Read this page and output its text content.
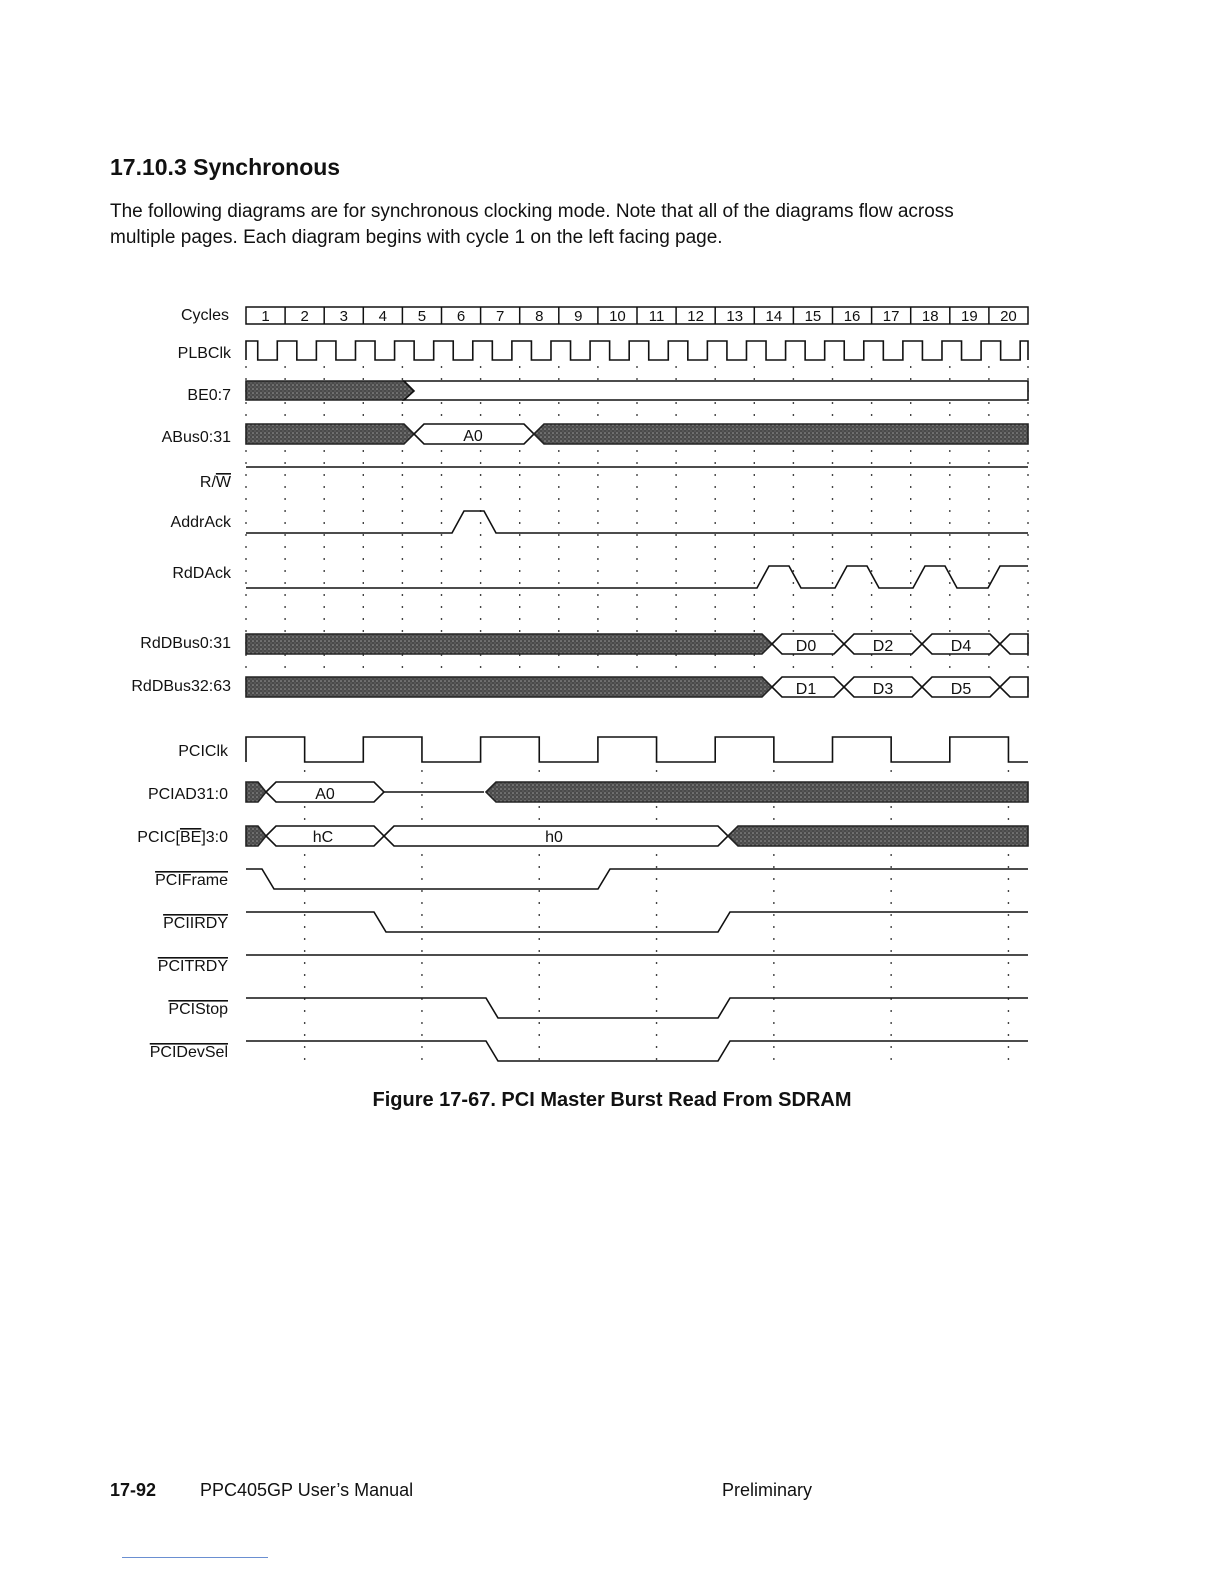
17.10.3 Synchronous

The following diagrams are for synchronous clocking mode. Note that all of the diagrams flow across
multiple pages. Each diagram begins with cycle 1 on the left facing page.

1 2 3 4 5 6 7 8 9 10 11 12 13 14 15 16 17 18 19 20
Cycles
PLBClk
BE0:7
ABus0:31
R/W
AddrAck
RdDAck
RdDBus0:31
RdDBus32:63
PCIClk
PCIAD31:0
PCIC[BE]3:0
PCIFrame
PCIIRDY
PCITRDY
PCIStop
PCIDevSel
A0
D0	D2	D4
D1	D3	D5
A0
hC	h0

Figure 17-67. PCI Master Burst Read From SDRAM

17-92 PPC405GP User’s Manual	Preliminary
